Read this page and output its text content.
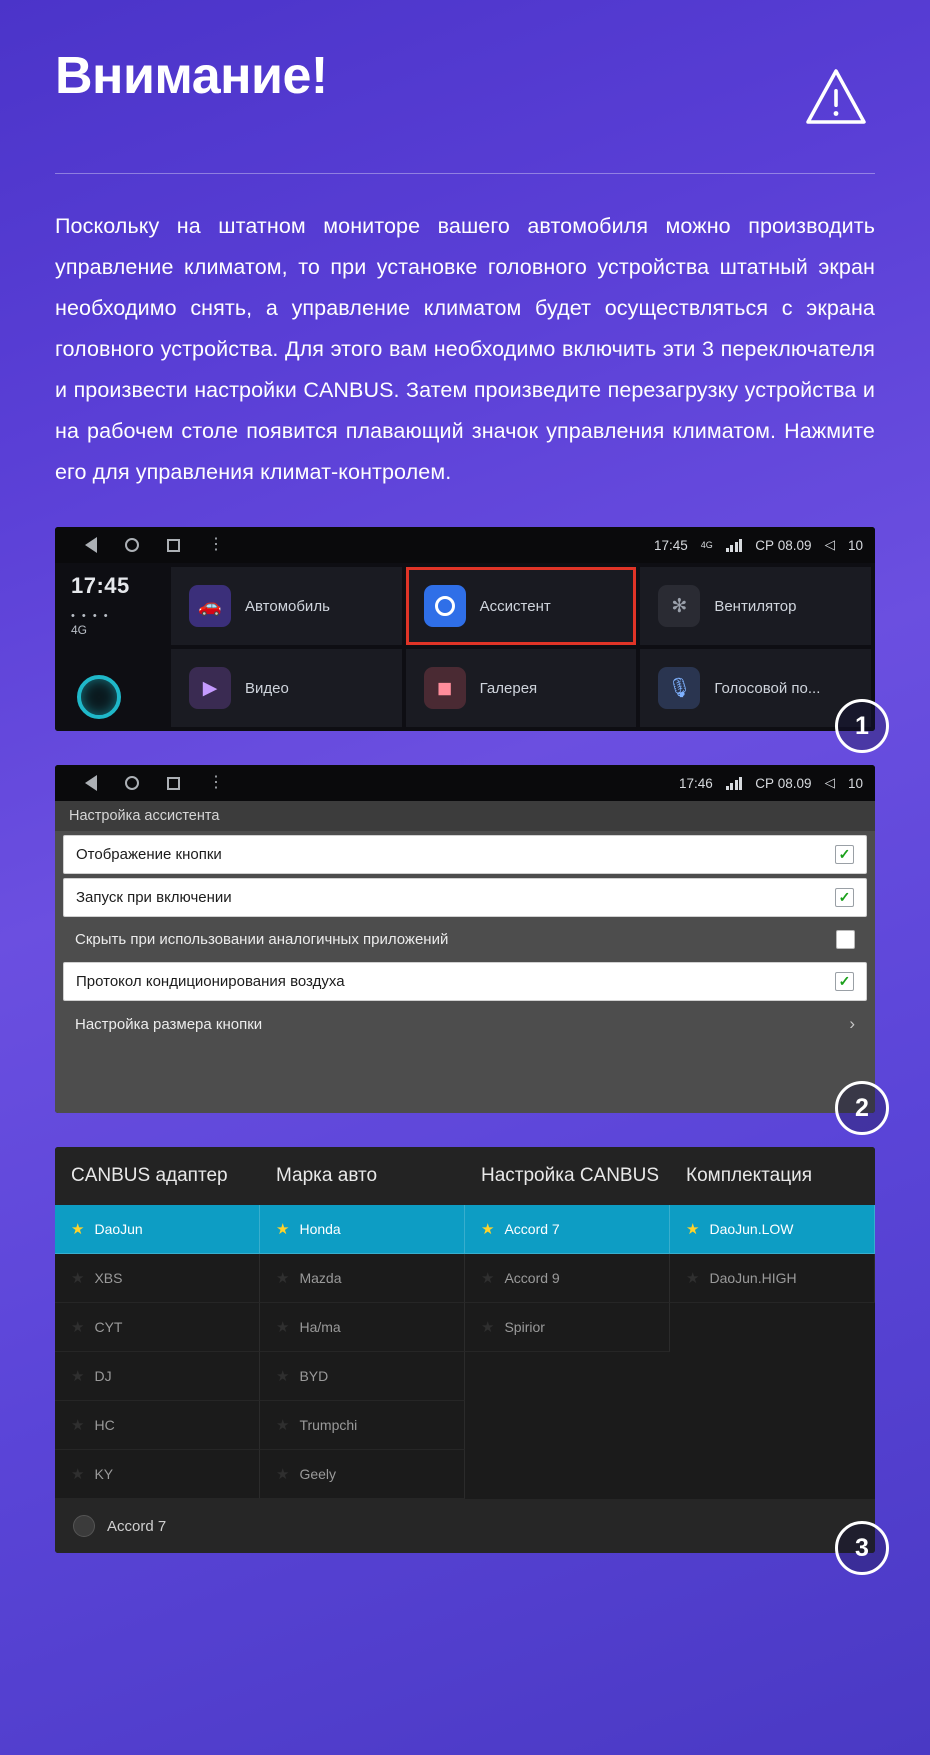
Внимание!
Поскольку на штатном мониторе вашего автомобиля можно производить управление климатом, то при установке головного устройства штатный экран необходимо снять, а управление климатом будет осуществляться с экрана головного устройства. Для этого вам необходимо включить эти 3 переключателя и произвести настройки CANBUS. Затем произведите перезагрузку устройства и на рабочем столе появится плавающий значок управления климатом. Нажмите его для управления климат-контролем.
⋮	17:45 4G	СР 08.09 ◁ 10
17:45
• • • •
4G
🚗	Автомобиль	Ассистент	✻	Вентилятор
▶	Видео	◼	Галерея	🎙	Голосовой по...
1
⋮	17:46	СР 08.09 ◁ 10
Настройка ассистента
Отображение кнопки	✓
Запуск при включении	✓
Скрыть при использовании аналогичных приложений
Протокол кондиционирования воздуха	✓
Настройка размера кнопки	›
2
CANBUS адаптер	Марка авто	Настройка CANBUS	Комплектация
★ DaoJun	★ Honda	★ Accord 7	★ DaoJun.LOW
★ XBS	★ Mazda	★ Accord 9	★ DaoJun.HIGH
★ CYT	★ Ha/ma	★ Spirior
★ DJ	★ BYD
★ HC	★ Trumpchi
★ KY	★ Geely
Accord 7
3
